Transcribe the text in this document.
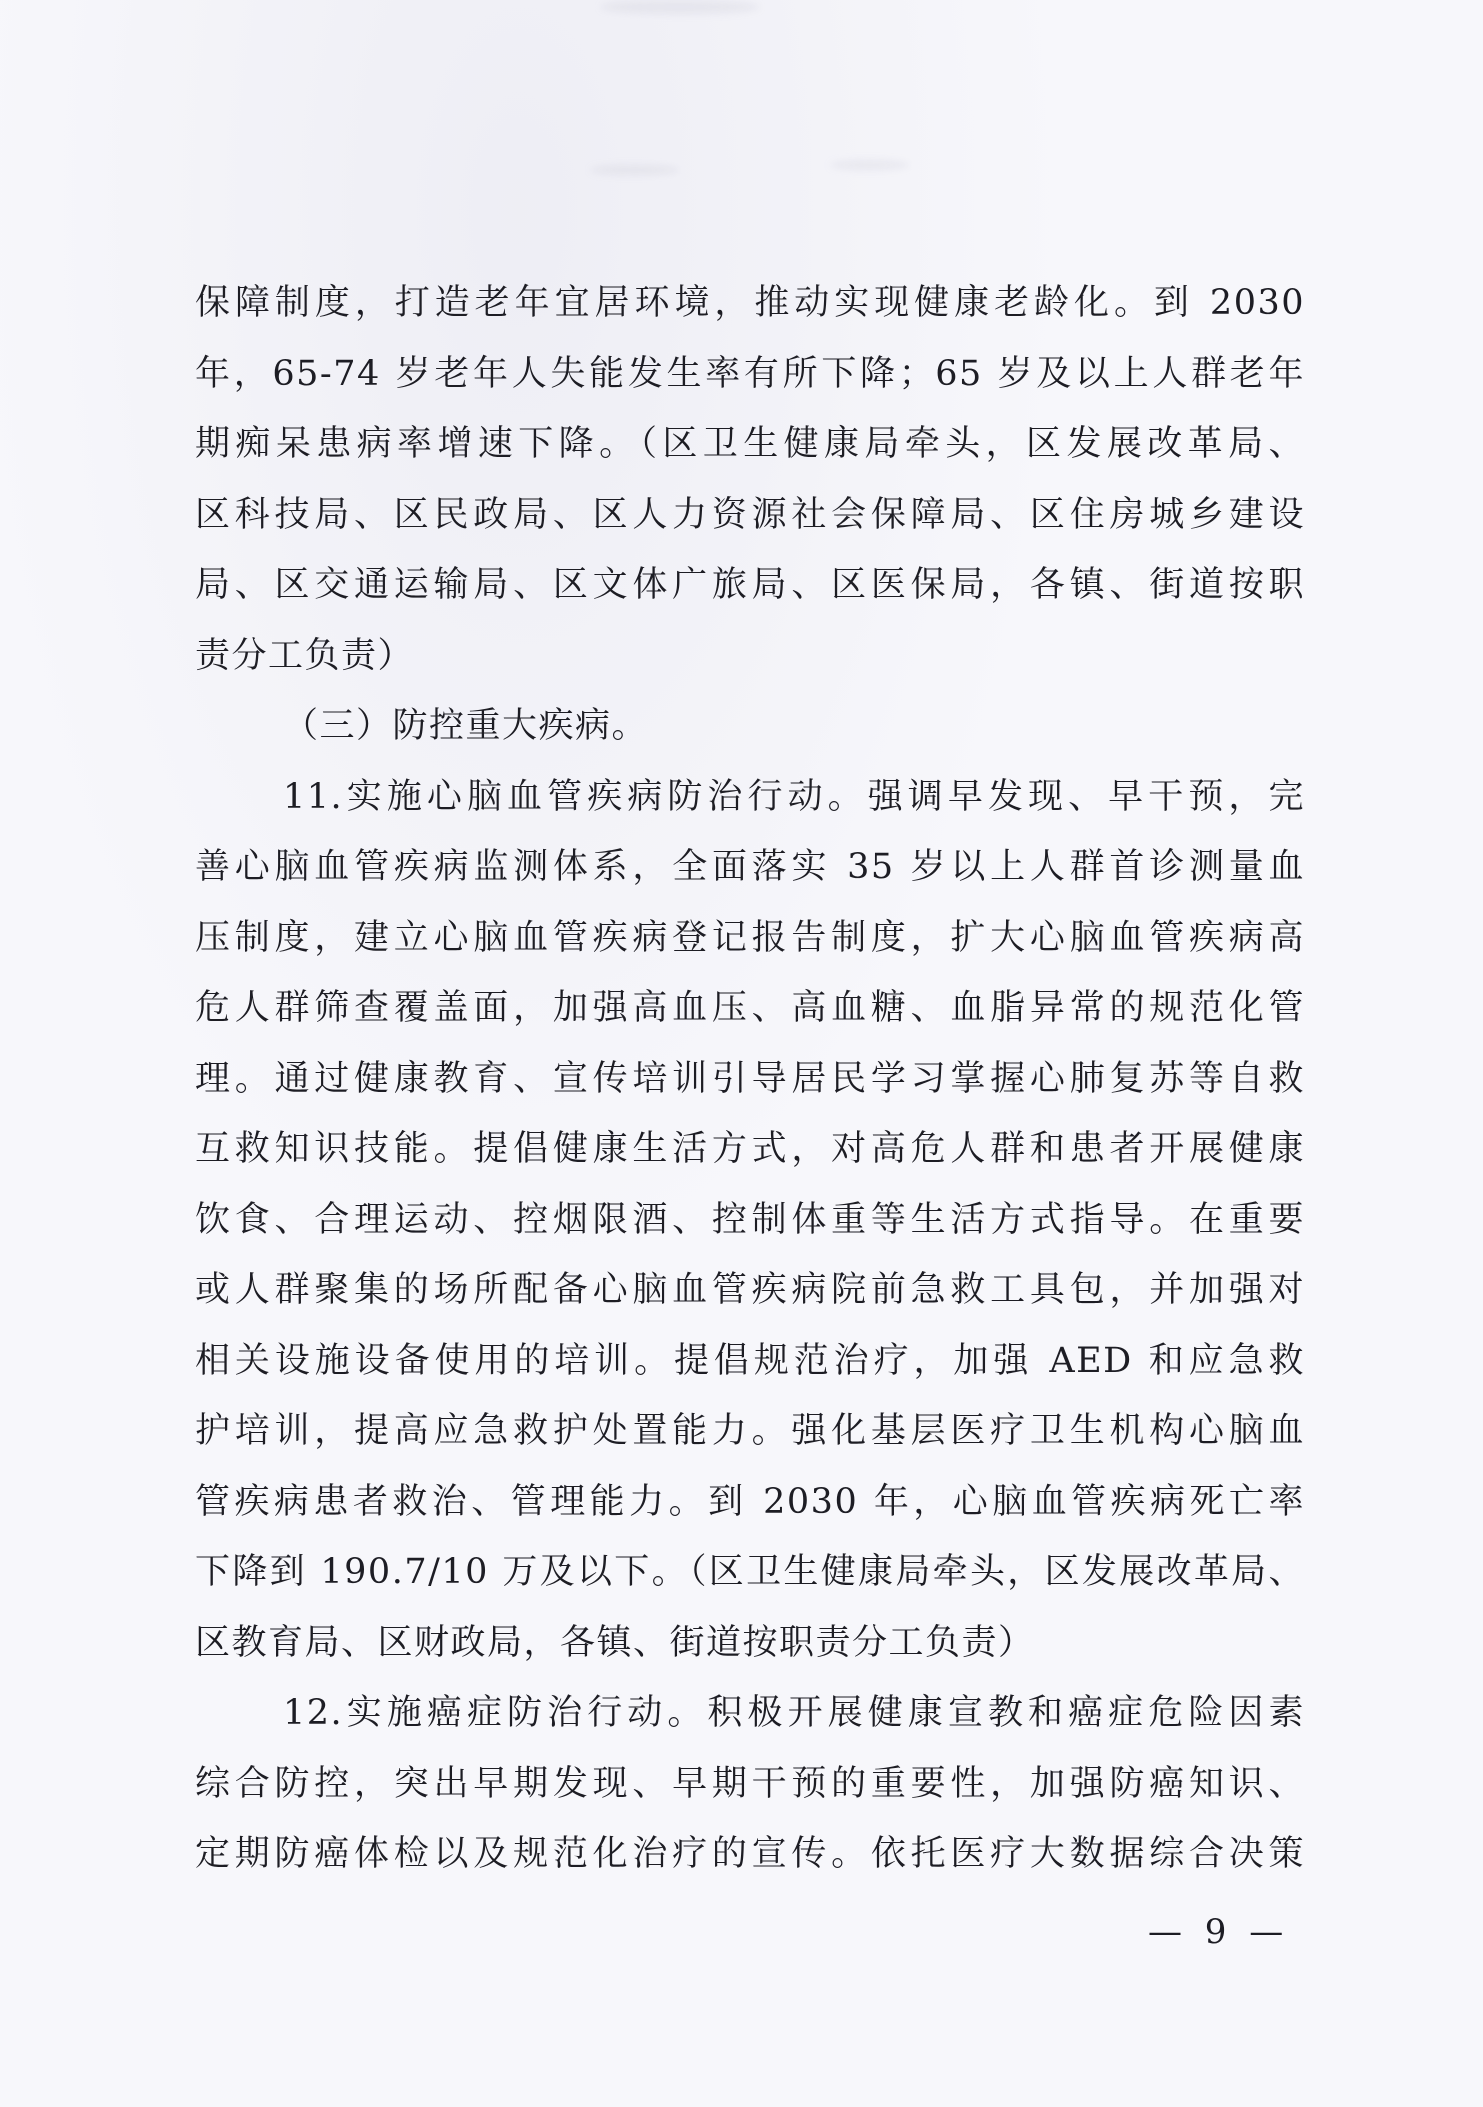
保障制度，打造老年宜居环境，推动实现健康老龄化。到 2030
年，65-74 岁老年人失能发生率有所下降；65 岁及以上人群老年
期痴呆患病率增速下降。（区卫生健康局牵头，区发展改革局、
区科技局、区民政局、区人力资源社会保障局、区住房城乡建设
局、区交通运输局、区文体广旅局、区医保局，各镇、街道按职
责分工负责）
（三）防控重大疾病。
11.实施心脑血管疾病防治行动。强调早发现、早干预，完
善心脑血管疾病监测体系，全面落实 35 岁以上人群首诊测量血
压制度，建立心脑血管疾病登记报告制度，扩大心脑血管疾病高
危人群筛查覆盖面，加强高血压、高血糖、血脂异常的规范化管
理。通过健康教育、宣传培训引导居民学习掌握心肺复苏等自救
互救知识技能。提倡健康生活方式，对高危人群和患者开展健康
饮食、合理运动、控烟限酒、控制体重等生活方式指导。在重要
或人群聚集的场所配备心脑血管疾病院前急救工具包，并加强对
相关设施设备使用的培训。提倡规范治疗，加强 AED 和应急救
护培训，提高应急救护处置能力。强化基层医疗卫生机构心脑血
管疾病患者救治、管理能力。到 2030 年，心脑血管疾病死亡率
下降到 190.7/10 万及以下。（区卫生健康局牵头，区发展改革局、
区教育局、区财政局，各镇、街道按职责分工负责）
12.实施癌症防治行动。积极开展健康宣教和癌症危险因素
综合防控，突出早期发现、早期干预的重要性，加强防癌知识、
定期防癌体检以及规范化治疗的宣传。依托医疗大数据综合决策
— 9 —
